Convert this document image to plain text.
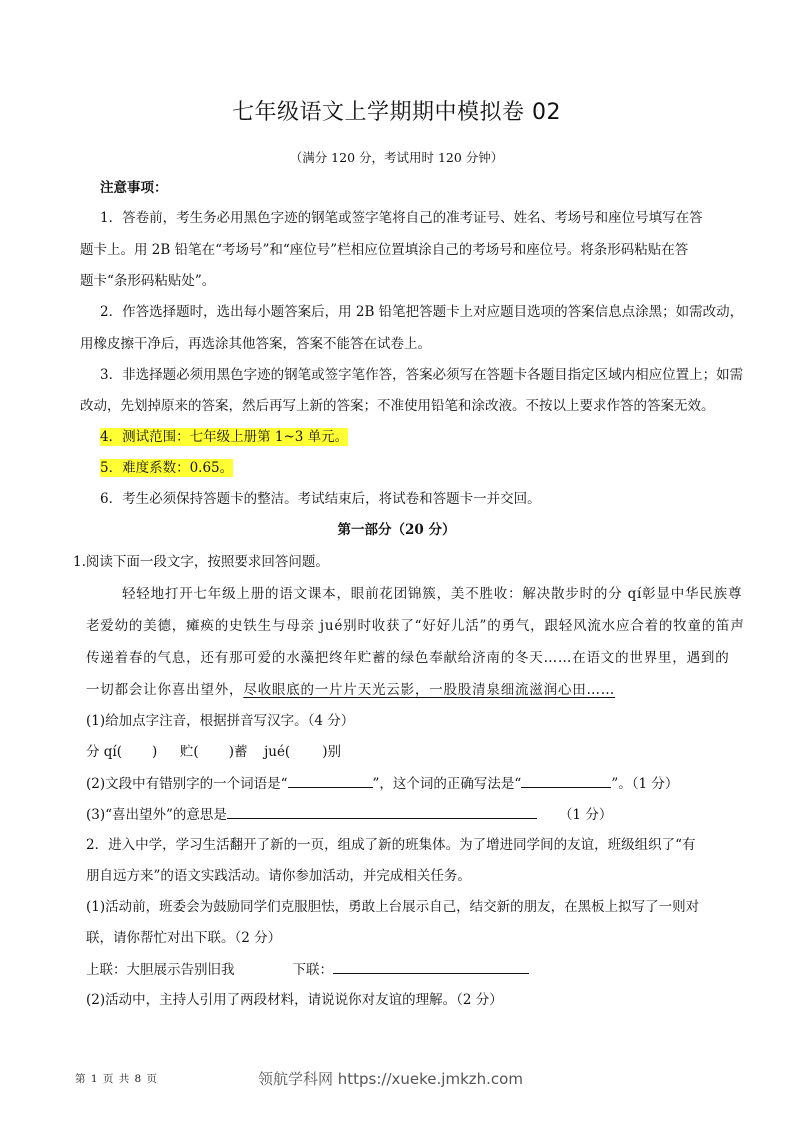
七年级语文上学期期中模拟卷 02
（满分 120 分，考试用时 120 分钟）
注意事项：
1．答卷前，考生务必用黑色字迹的钢笔或签字笔将自己的准考证号、姓名、考场号和座位号填写在答
题卡上。用 2B 铅笔在“考场号”和“座位号”栏相应位置填涂自己的考场号和座位号。将条形码粘贴在答
题卡“条形码粘贴处”。
2．作答选择题时，选出每小题答案后，用 2B 铅笔把答题卡上对应题目选项的答案信息点涂黑；如需改动，
用橡皮擦干净后，再选涂其他答案，答案不能答在试卷上。
3．非选择题必须用黑色字迹的钢笔或签字笔作答，答案必须写在答题卡各题目指定区域内相应位置上；如需
改动，先划掉原来的答案，然后再写上新的答案；不准使用铅笔和涂改液。不按以上要求作答的答案无效。
4．测试范围：七年级上册第 1~3 单元。
5．难度系数：0.65。
6．考生必须保持答题卡的整洁。考试结束后，将试卷和答题卡一并交回。
第一部分（20 分）
1.阅读下面一段文字，按照要求回答问题。
轻轻地打开七年级上册的语文课本，眼前花团锦簇，美不胜收：解决散步时的分 qí彰显中华民族尊
老爱幼的美德，瘫痪的史铁生与母亲 jué别时收获了“好好儿活”的勇气，跟轻风流水应合着的牧童的笛声
传递着春的气息，还有那可爱的水藻把终年贮蓄的绿色奉献给济南的冬天……在语文的世界里，遇到的
一切都会让你喜出望外，尽收眼底的一片片天光云影，一股股清泉细流滋润心田……
(1)给加点字注音，根据拼音写汉字。（4 分）
分 qí( ) 贮( )蓄 jué( )别
(2)文段中有错别字的一个词语是“	”，这个词的正确写法是“	”。（1 分）
(3)“喜出望外”的意思是	（1 分）
2．进入中学，学习生活翻开了新的一页，组成了新的班集体。为了增进同学间的友谊，班级组织了“有
朋自远方来”的语文实践活动。请你参加活动，并完成相关任务。
(1)活动前，班委会为鼓励同学们克服胆怯，勇敢上台展示自己，结交新的朋友，在黑板上拟写了一则对
联，请你帮忙对出下联。（2 分）
上联：大胆展示告别旧我	下联：
(2)活动中，主持人引用了两段材料，请说说你对友谊的理解。（2 分）
第 1 页 共 8 页	领航学科网 https://xueke.jmkzh.com
